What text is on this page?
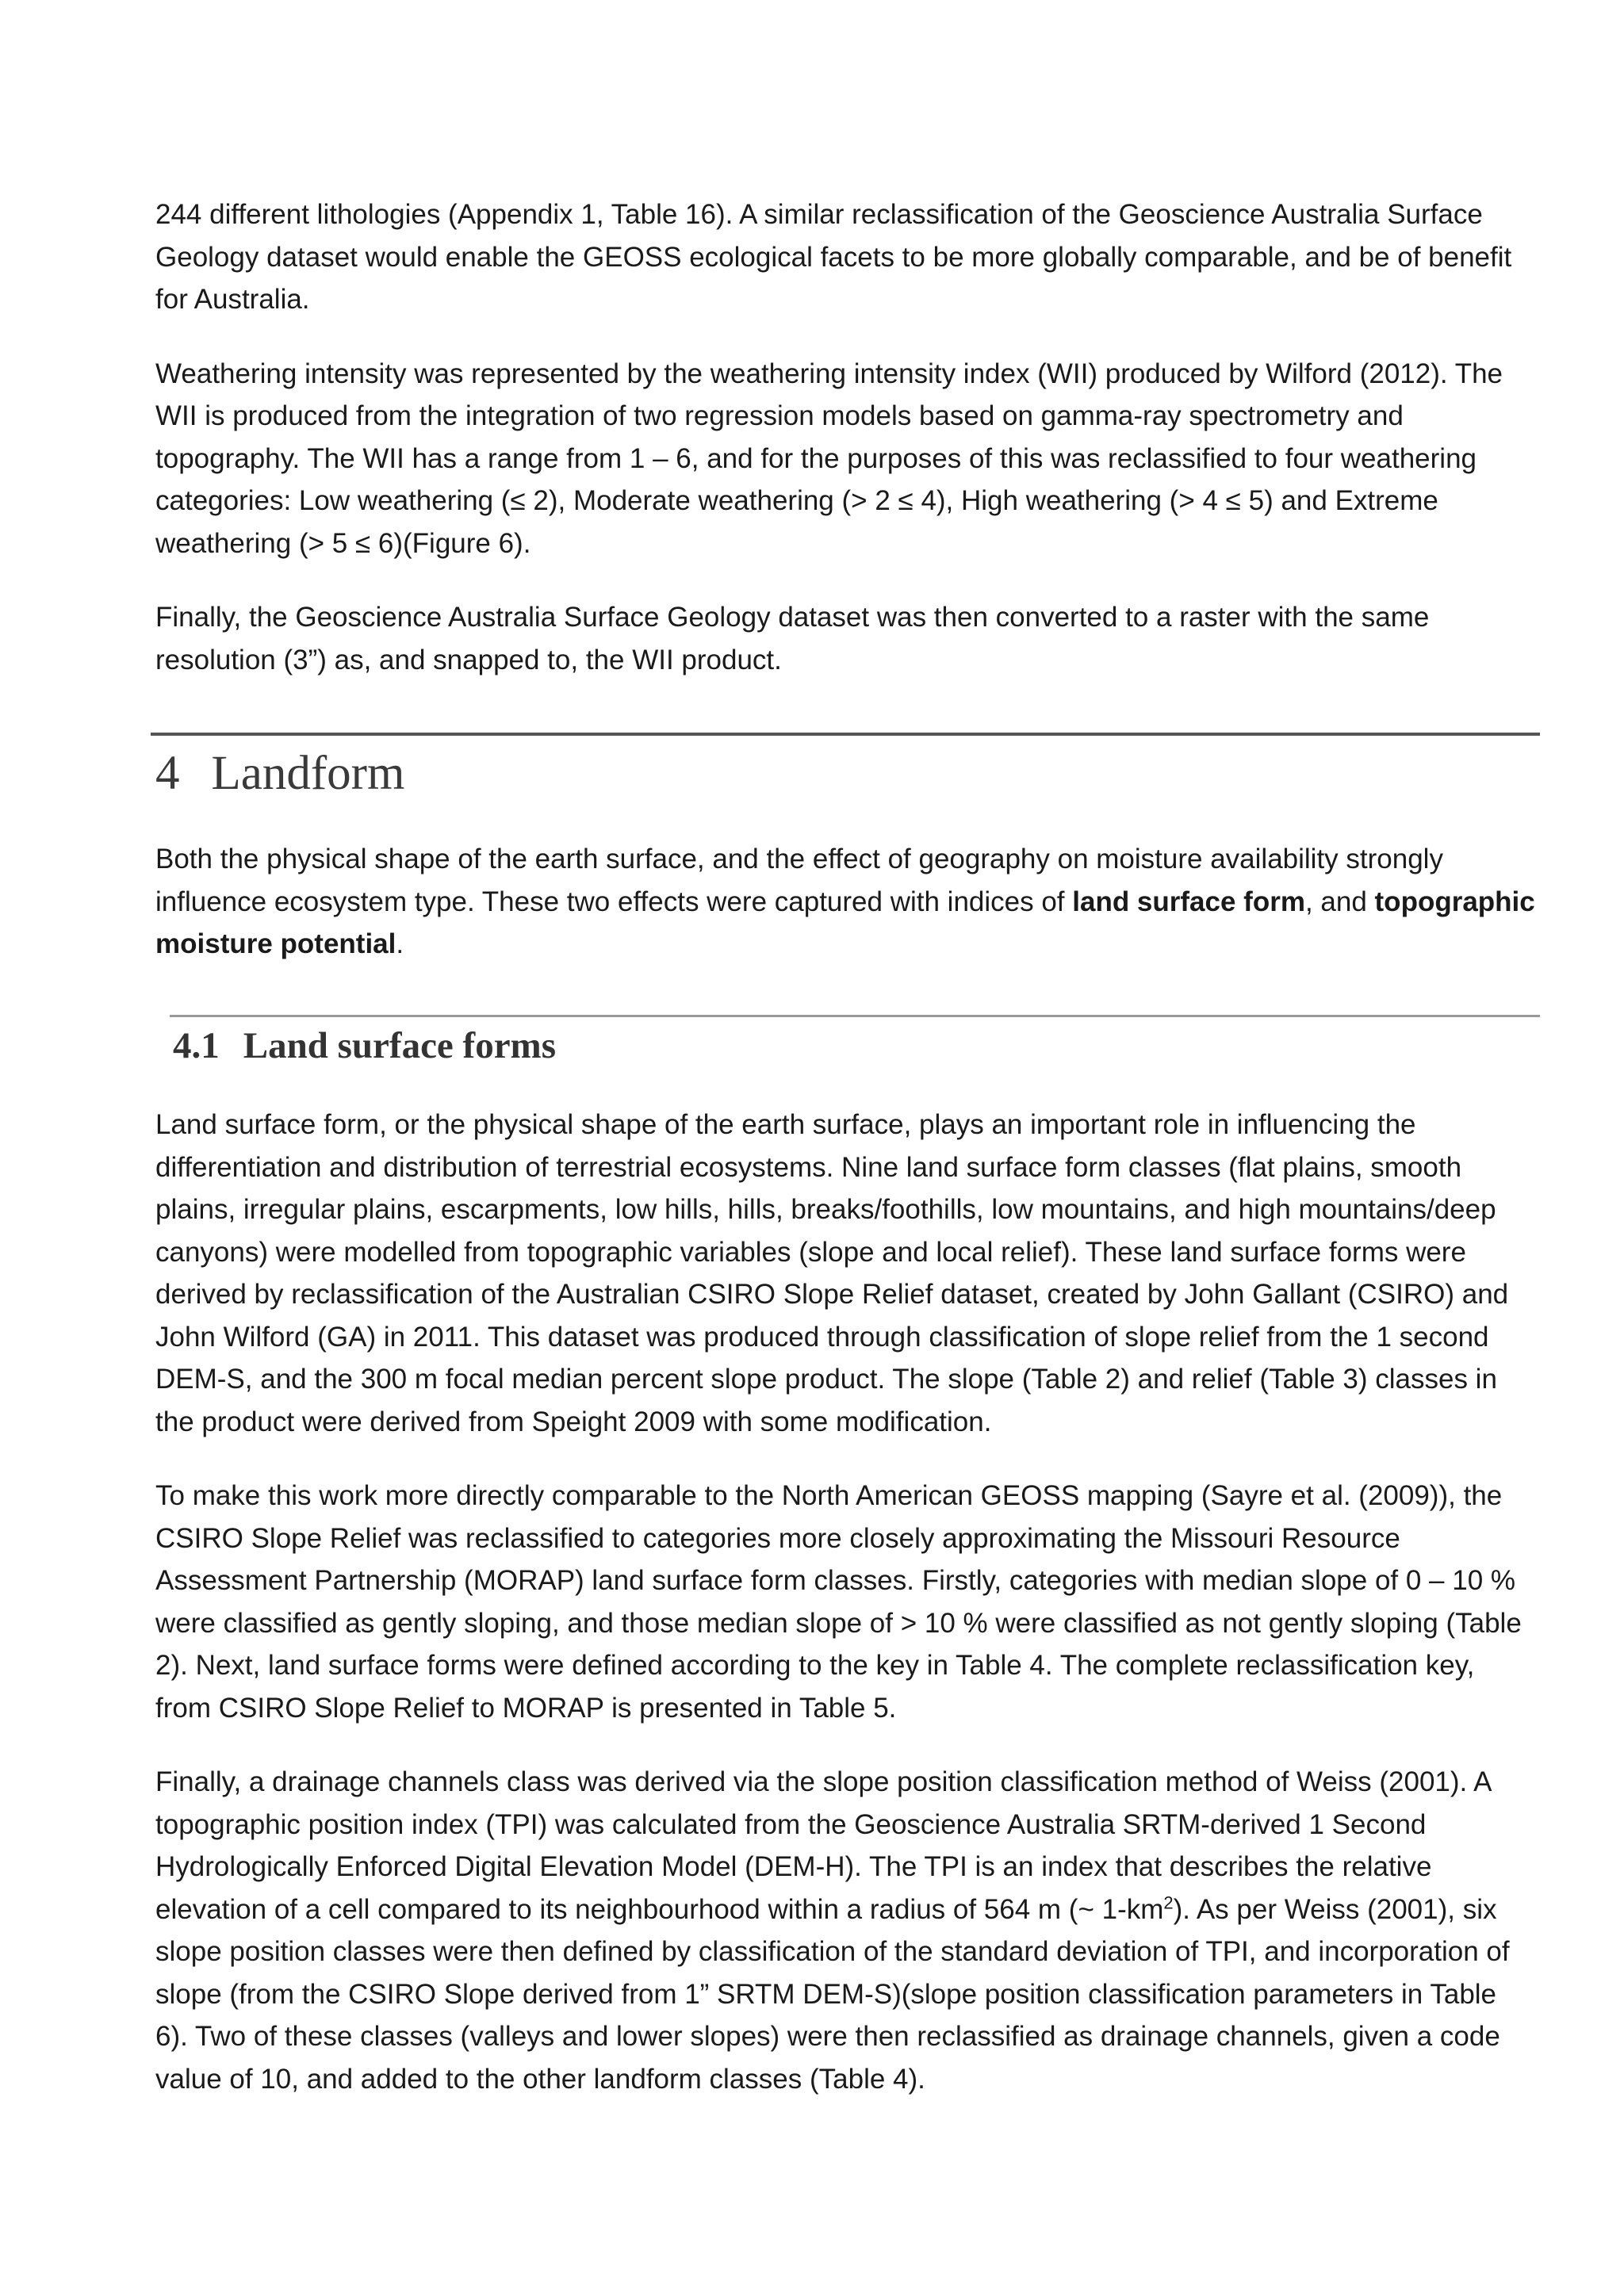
244 different lithologies (Appendix 1, Table 16). A similar reclassification of the Geoscience Australia Surface Geology dataset would enable the GEOSS ecological facets to be more globally comparable, and be of benefit for Australia.

Weathering intensity was represented by the weathering intensity index (WII) produced by Wilford (2012). The WII is produced from the integration of two regression models based on gamma-ray spectrometry and topography. The WII has a range from 1 – 6, and for the purposes of this was reclassified to four weathering categories: Low weathering (≤ 2), Moderate weathering (> 2 ≤ 4), High weathering (> 4 ≤ 5) and Extreme weathering (> 5 ≤ 6)(Figure 6).

Finally, the Geoscience Australia Surface Geology dataset was then converted to a raster with the same resolution (3”) as, and snapped to, the WII product.

4 Landform

Both the physical shape of the earth surface, and the effect of geography on moisture availability strongly influence ecosystem type. These two effects were captured with indices of land surface form, and topographic moisture potential.

4.1 Land surface forms

Land surface form, or the physical shape of the earth surface, plays an important role in influencing the differentiation and distribution of terrestrial ecosystems. Nine land surface form classes (flat plains, smooth plains, irregular plains, escarpments, low hills, hills, breaks/foothills, low mountains, and high mountains/deep canyons) were modelled from topographic variables (slope and local relief). These land surface forms were derived by reclassification of the Australian CSIRO Slope Relief dataset, created by John Gallant (CSIRO) and John Wilford (GA) in 2011. This dataset was produced through classification of slope relief from the 1 second DEM-S, and the 300 m focal median percent slope product. The slope (Table 2) and relief (Table 3) classes in the product were derived from Speight 2009 with some modification.

To make this work more directly comparable to the North American GEOSS mapping (Sayre et al. (2009)), the CSIRO Slope Relief was reclassified to categories more closely approximating the Missouri Resource Assessment Partnership (MORAP) land surface form classes. Firstly, categories with median slope of 0 – 10 % were classified as gently sloping, and those median slope of > 10 % were classified as not gently sloping (Table 2). Next, land surface forms were defined according to the key in Table 4. The complete reclassification key, from CSIRO Slope Relief to MORAP is presented in Table 5.

Finally, a drainage channels class was derived via the slope position classification method of Weiss (2001). A topographic position index (TPI) was calculated from the Geoscience Australia SRTM-derived 1 Second Hydrologically Enforced Digital Elevation Model (DEM-H). The TPI is an index that describes the relative elevation of a cell compared to its neighbourhood within a radius of 564 m (~ $1-km^2$). As per Weiss (2001), six slope position classes were then defined by classification of the standard deviation of TPI, and incorporation of slope (from the CSIRO Slope derived from 1” SRTM DEM-S)(slope position classification parameters in Table 6). Two of these classes (valleys and lower slopes) were then reclassified as drainage channels, given a code value of 10, and added to the other landform classes (Table 4).
